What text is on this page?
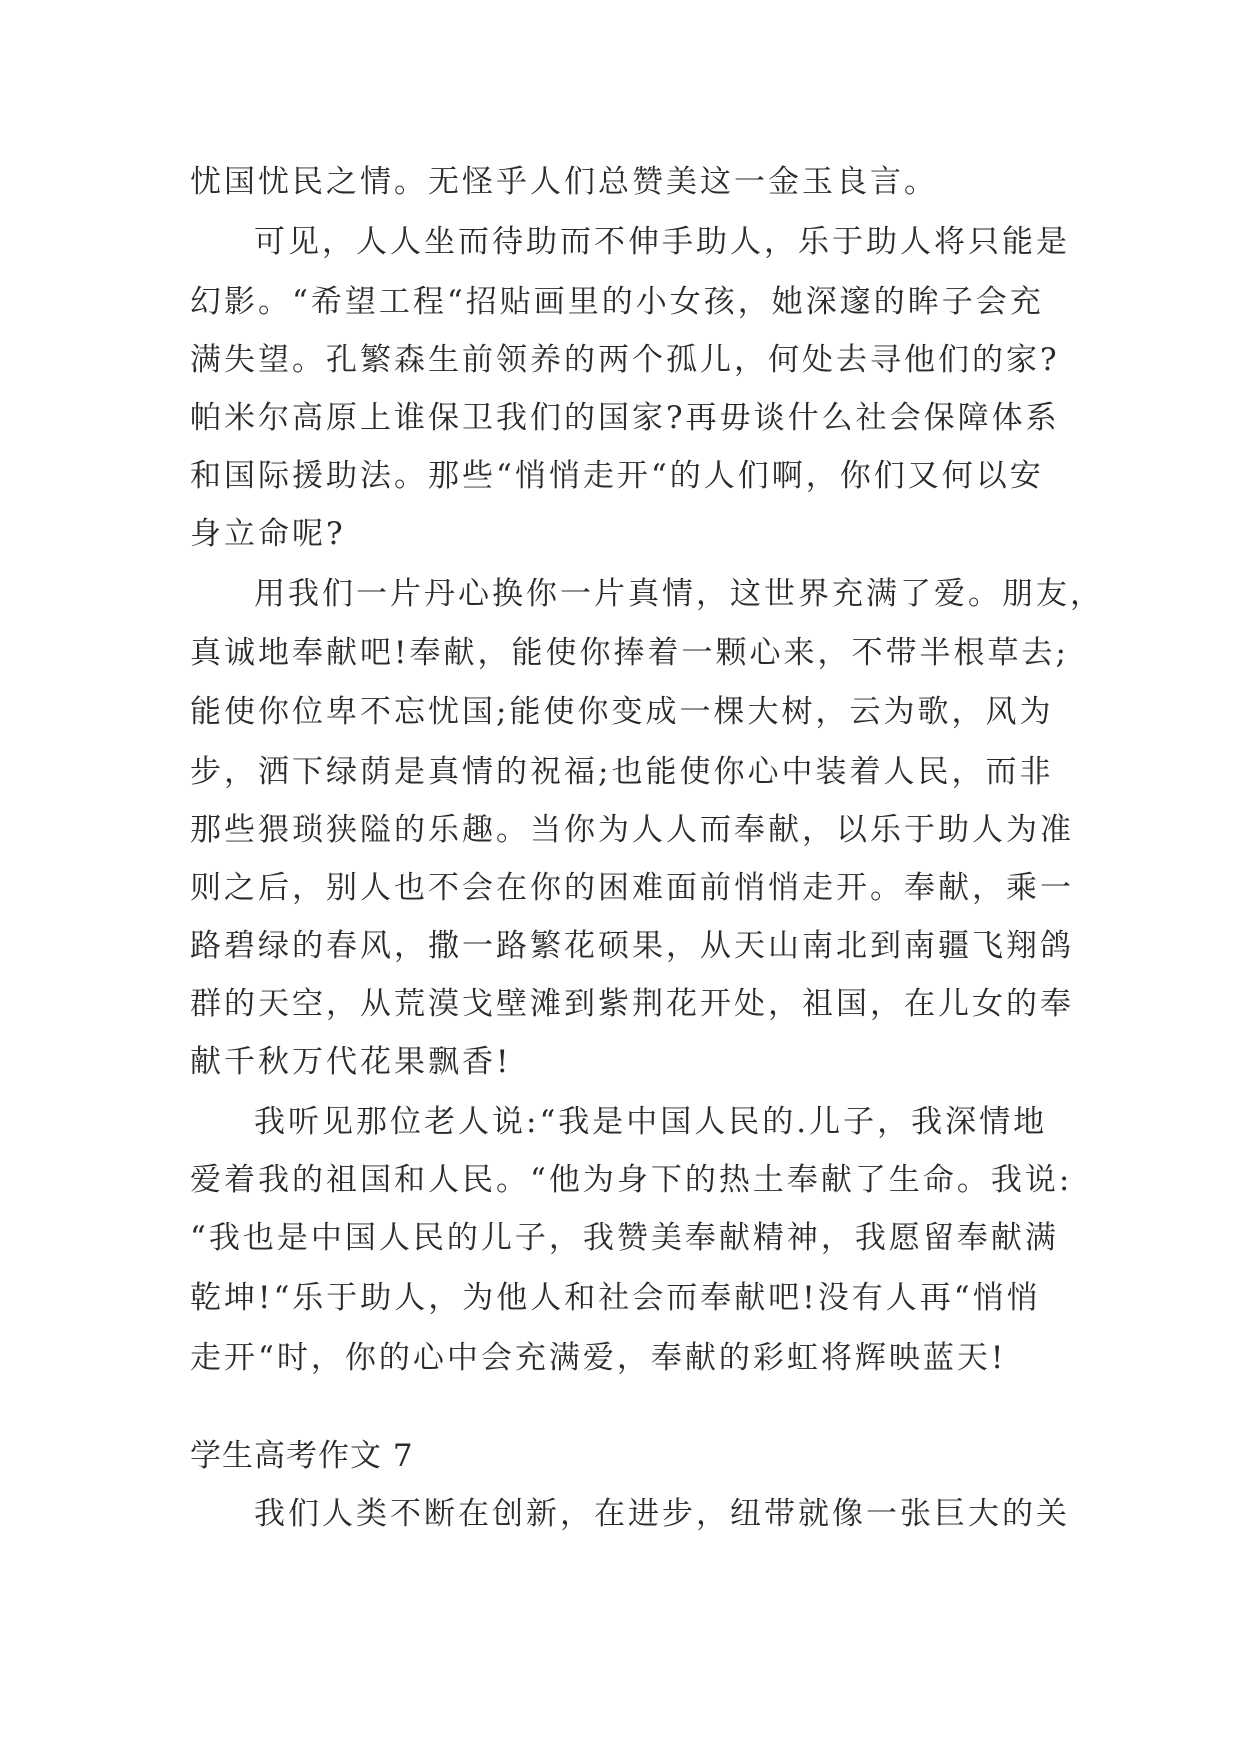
忧国忧民之情。无怪乎人们总赞美这一金玉良言。

可见，人人坐而待助而不伸手助人，乐于助人将只能是

幻影。“希望工程“招贴画里的小女孩，她深邃的眸子会充

满失望。孔繁森生前领养的两个孤儿，何处去寻他们的家?

帕米尔高原上谁保卫我们的国家?再毋谈什么社会保障体系

和国际援助法。那些“悄悄走开“的人们啊，你们又何以安

身立命呢?

用我们一片丹心换你一片真情，这世界充满了爱。朋友，

真诚地奉献吧!奉献，能使你捧着一颗心来，不带半根草去;

能使你位卑不忘忧国;能使你变成一棵大树，云为歌，风为

步，洒下绿荫是真情的祝福;也能使你心中装着人民，而非

那些猥琐狭隘的乐趣。当你为人人而奉献，以乐于助人为准

则之后，别人也不会在你的困难面前悄悄走开。奉献，乘一

路碧绿的春风，撒一路繁花硕果，从天山南北到南疆飞翔鸽

群的天空，从荒漠戈壁滩到紫荆花开处，祖国，在儿女的奉

献千秋万代花果飘香!

我听见那位老人说:“我是中国人民的.儿子，我深情地

爱着我的祖国和人民。“他为身下的热土奉献了生命。我说:

“我也是中国人民的儿子，我赞美奉献精神，我愿留奉献满

乾坤!“乐于助人，为他人和社会而奉献吧!没有人再“悄悄

走开“时，你的心中会充满爱，奉献的彩虹将辉映蓝天!

学生高考作文 7

我们人类不断在创新，在进步，纽带就像一张巨大的关
